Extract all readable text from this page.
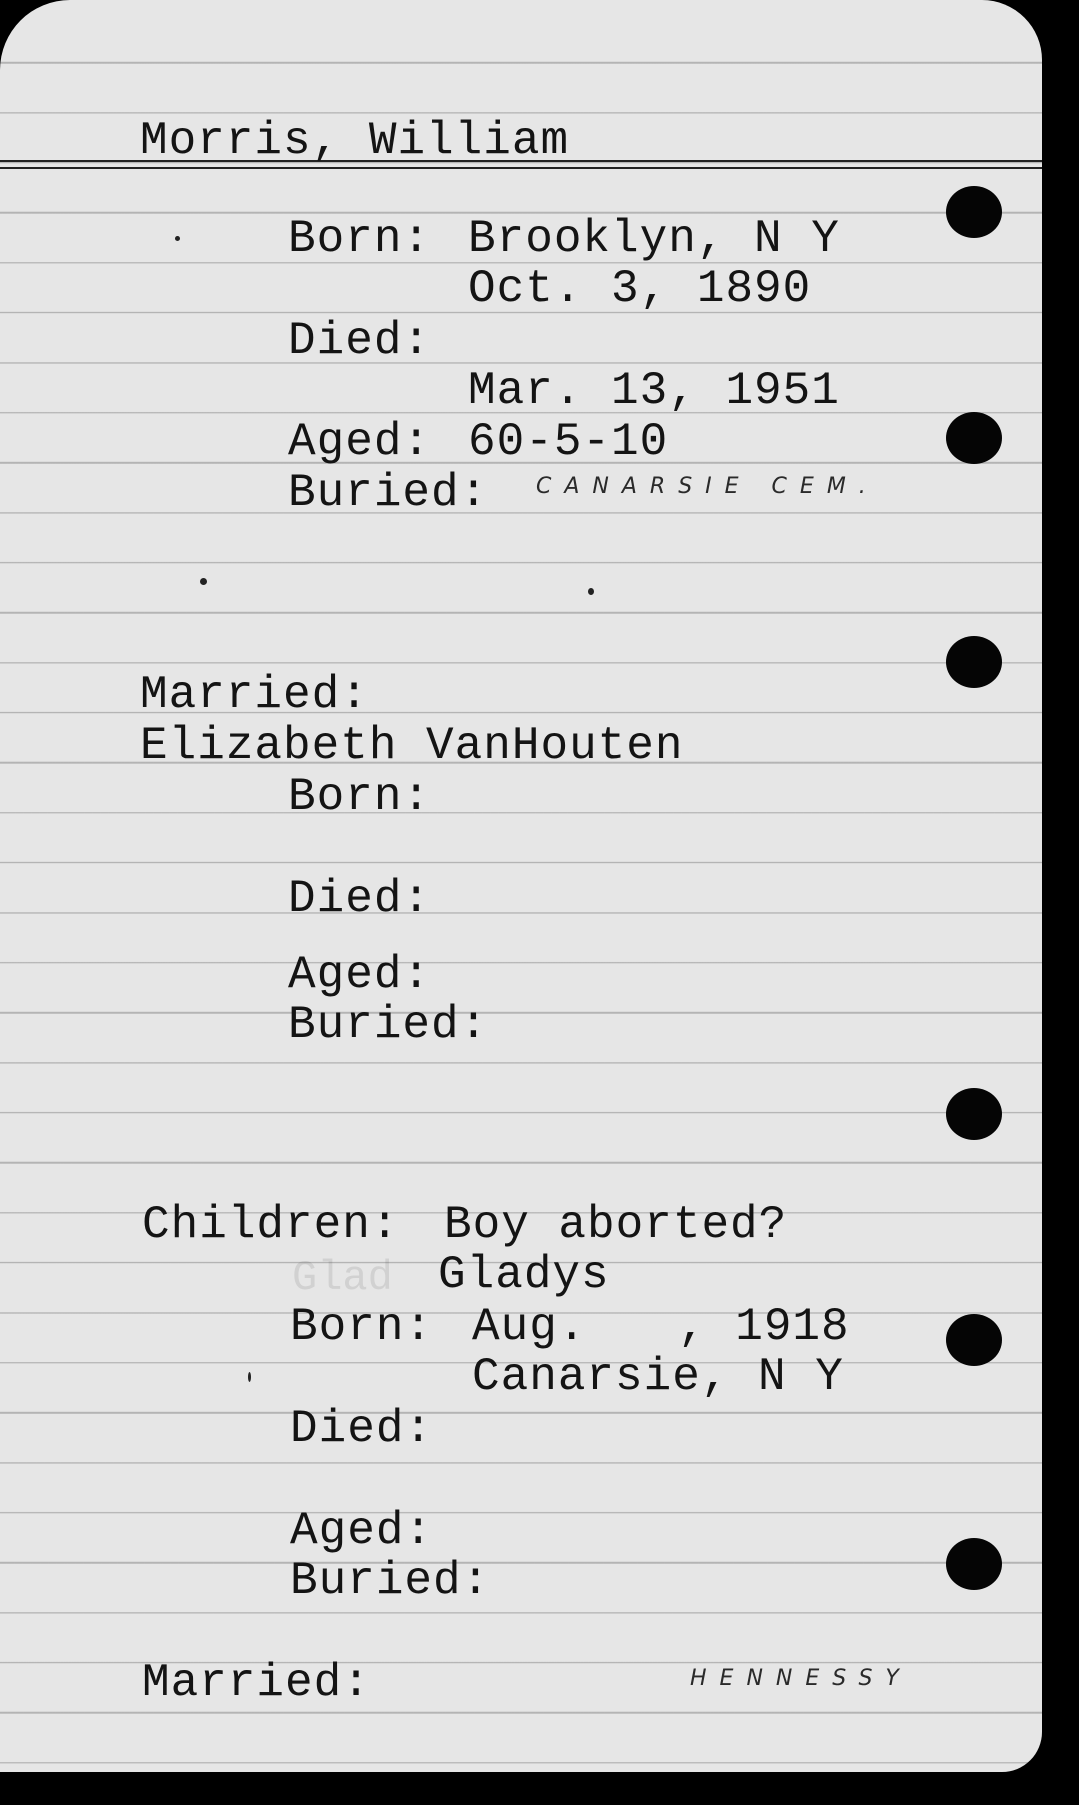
Morris, William
Born: Brooklyn, N Y
Oct. 3, 1890
Died:
Mar. 13, 1951
Aged: 60-5-10
Buried: CANARSIE CEM.
Married:
Elizabeth VanHouten
Born:
Died:
Aged:
Buried:
Children: Boy aborted?
Glad Gladys
Born: Aug. , 1918
Canarsie, N Y
Died:
Aged:
Buried:
Married:	HENNESSY
